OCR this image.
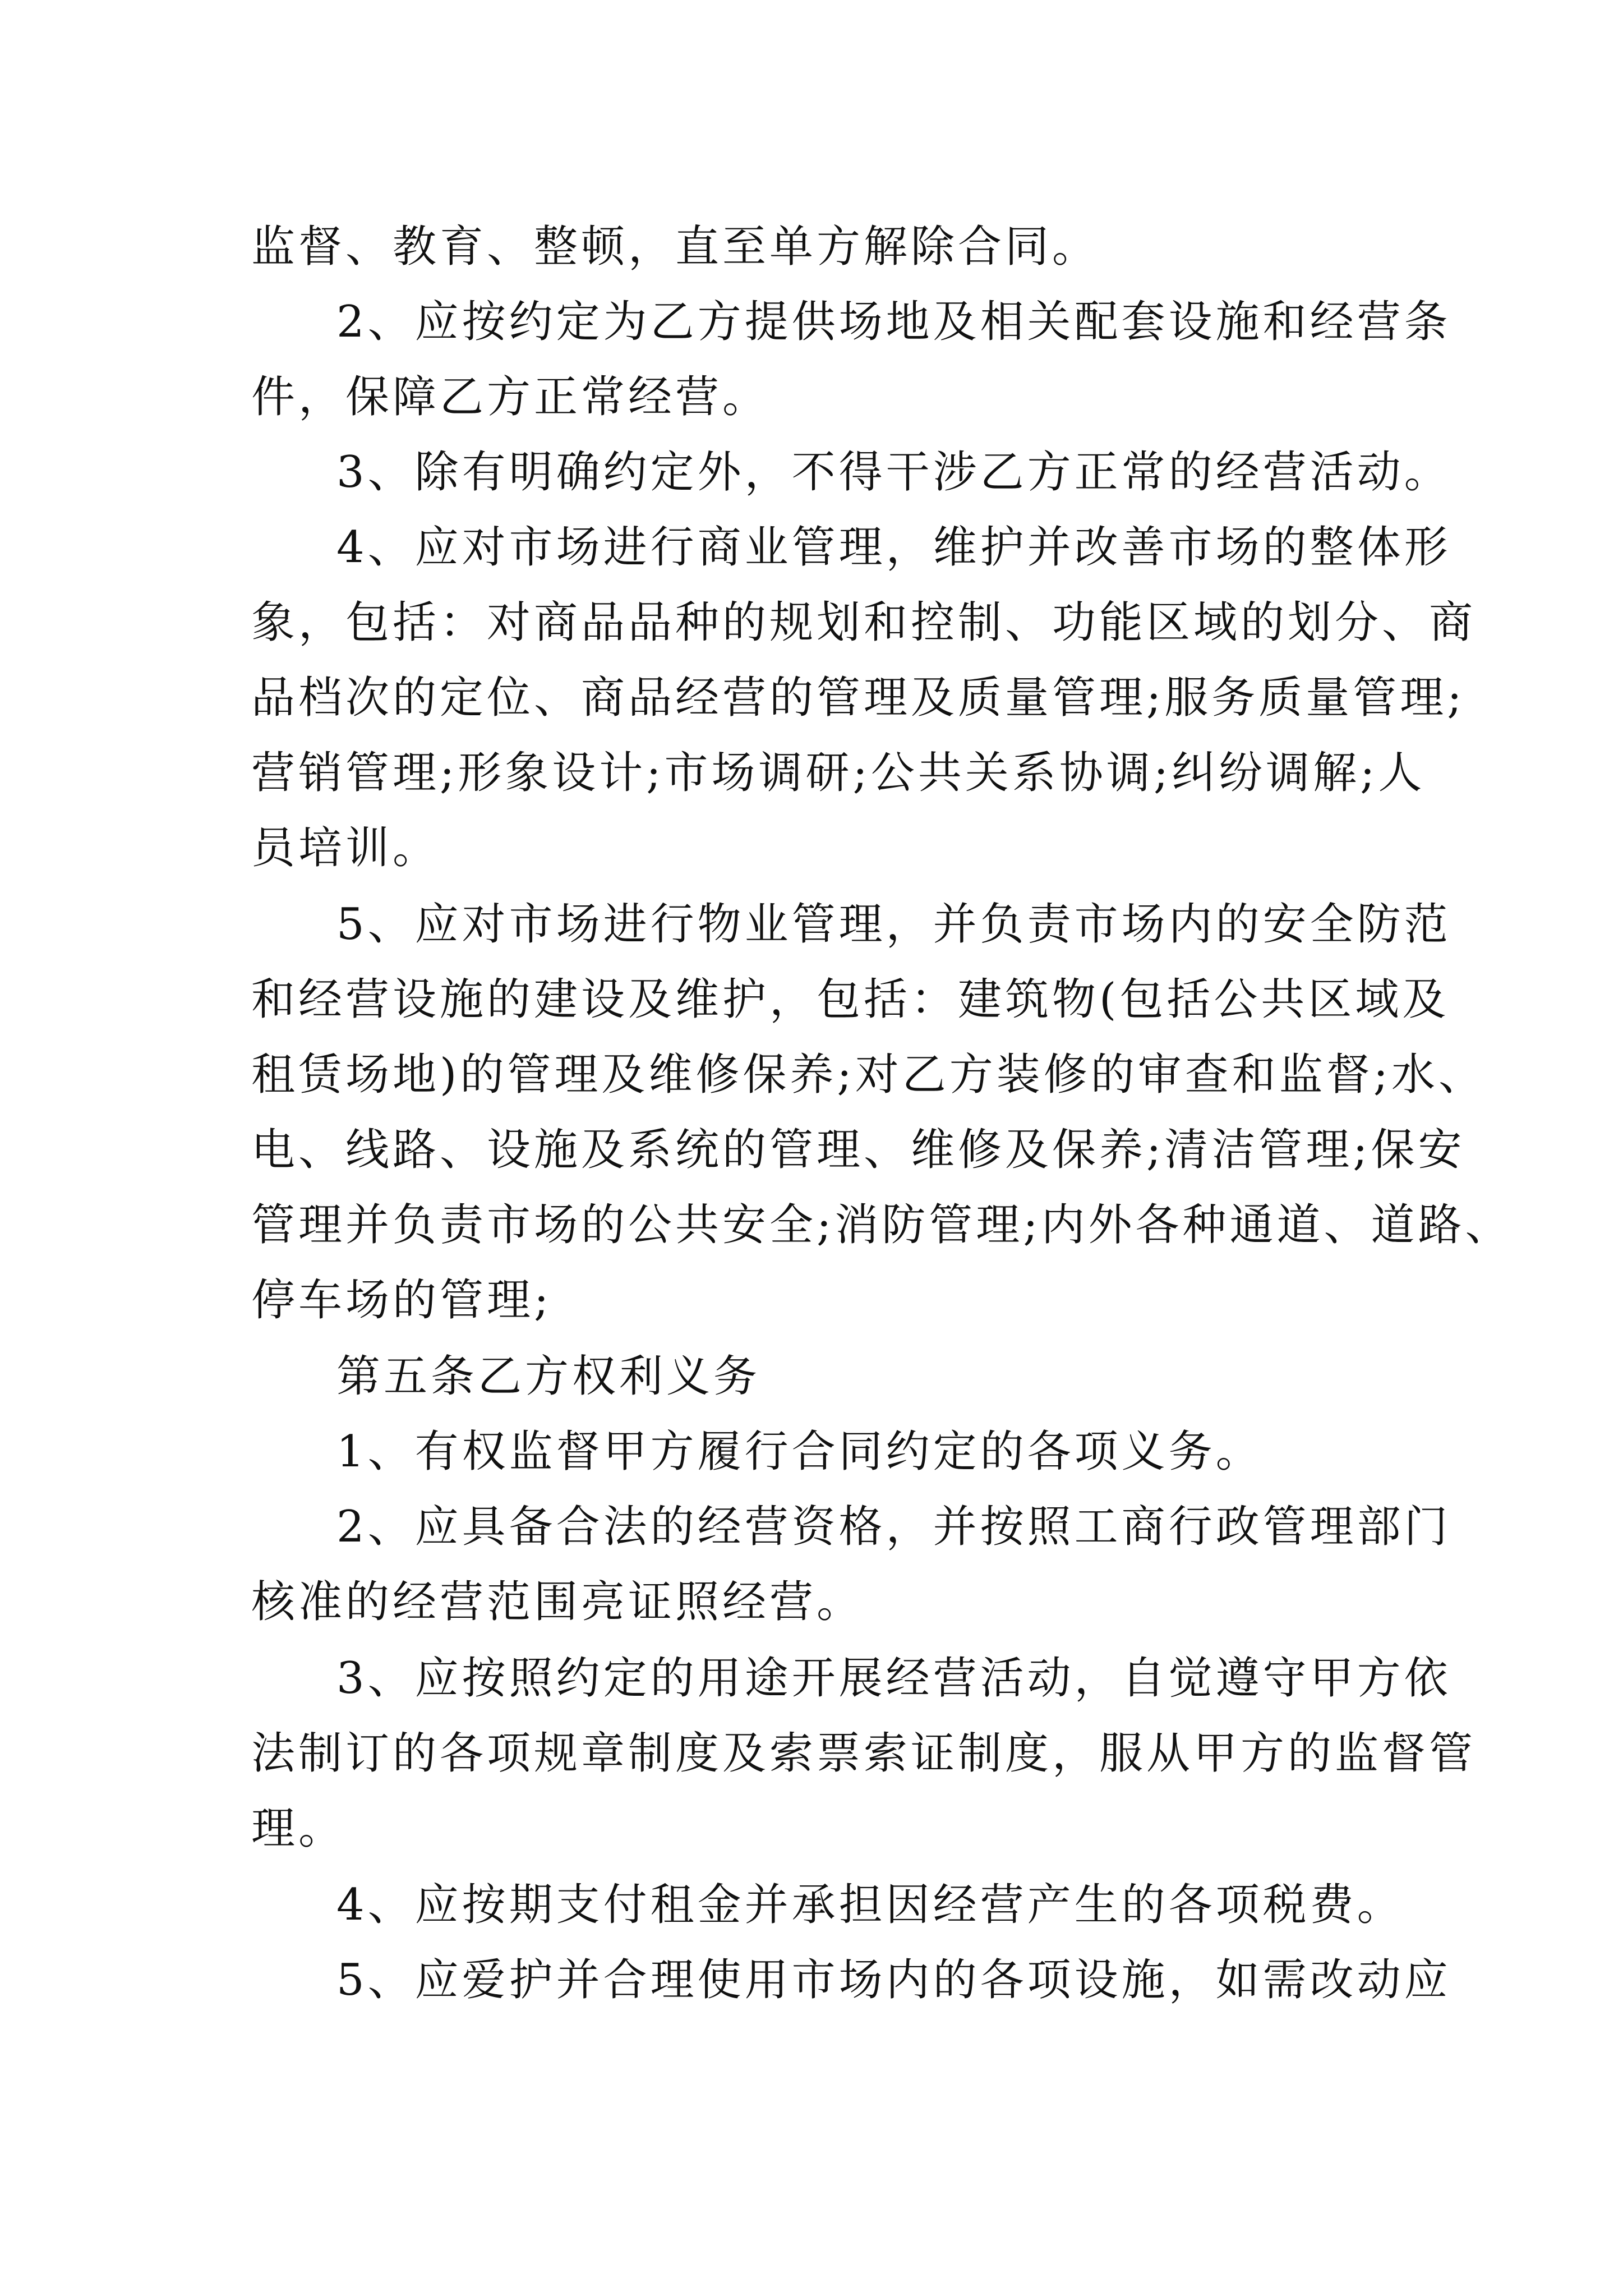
监督、教育、整顿，直至单方解除合同。
2、应按约定为乙方提供场地及相关配套设施和经营条
件，保障乙方正常经营。
3、除有明确约定外，不得干涉乙方正常的经营活动。
4、应对市场进行商业管理，维护并改善市场的整体形
象，包括：对商品品种的规划和控制、功能区域的划分、商
品档次的定位、商品经营的管理及质量管理;服务质量管理;
营销管理;形象设计;市场调研;公共关系协调;纠纷调解;人
员培训。
5、应对市场进行物业管理，并负责市场内的安全防范
和经营设施的建设及维护，包括：建筑物(包括公共区域及
租赁场地)的管理及维修保养;对乙方装修的审查和监督;水、
电、线路、设施及系统的管理、维修及保养;清洁管理;保安
管理并负责市场的公共安全;消防管理;内外各种通道、道路、
停车场的管理;
第五条乙方权利义务
1、有权监督甲方履行合同约定的各项义务。
2、应具备合法的经营资格，并按照工商行政管理部门
核准的经营范围亮证照经营。
3、应按照约定的用途开展经营活动，自觉遵守甲方依
法制订的各项规章制度及索票索证制度，服从甲方的监督管
理。
4、应按期支付租金并承担因经营产生的各项税费。
5、应爱护并合理使用市场内的各项设施，如需改动应
